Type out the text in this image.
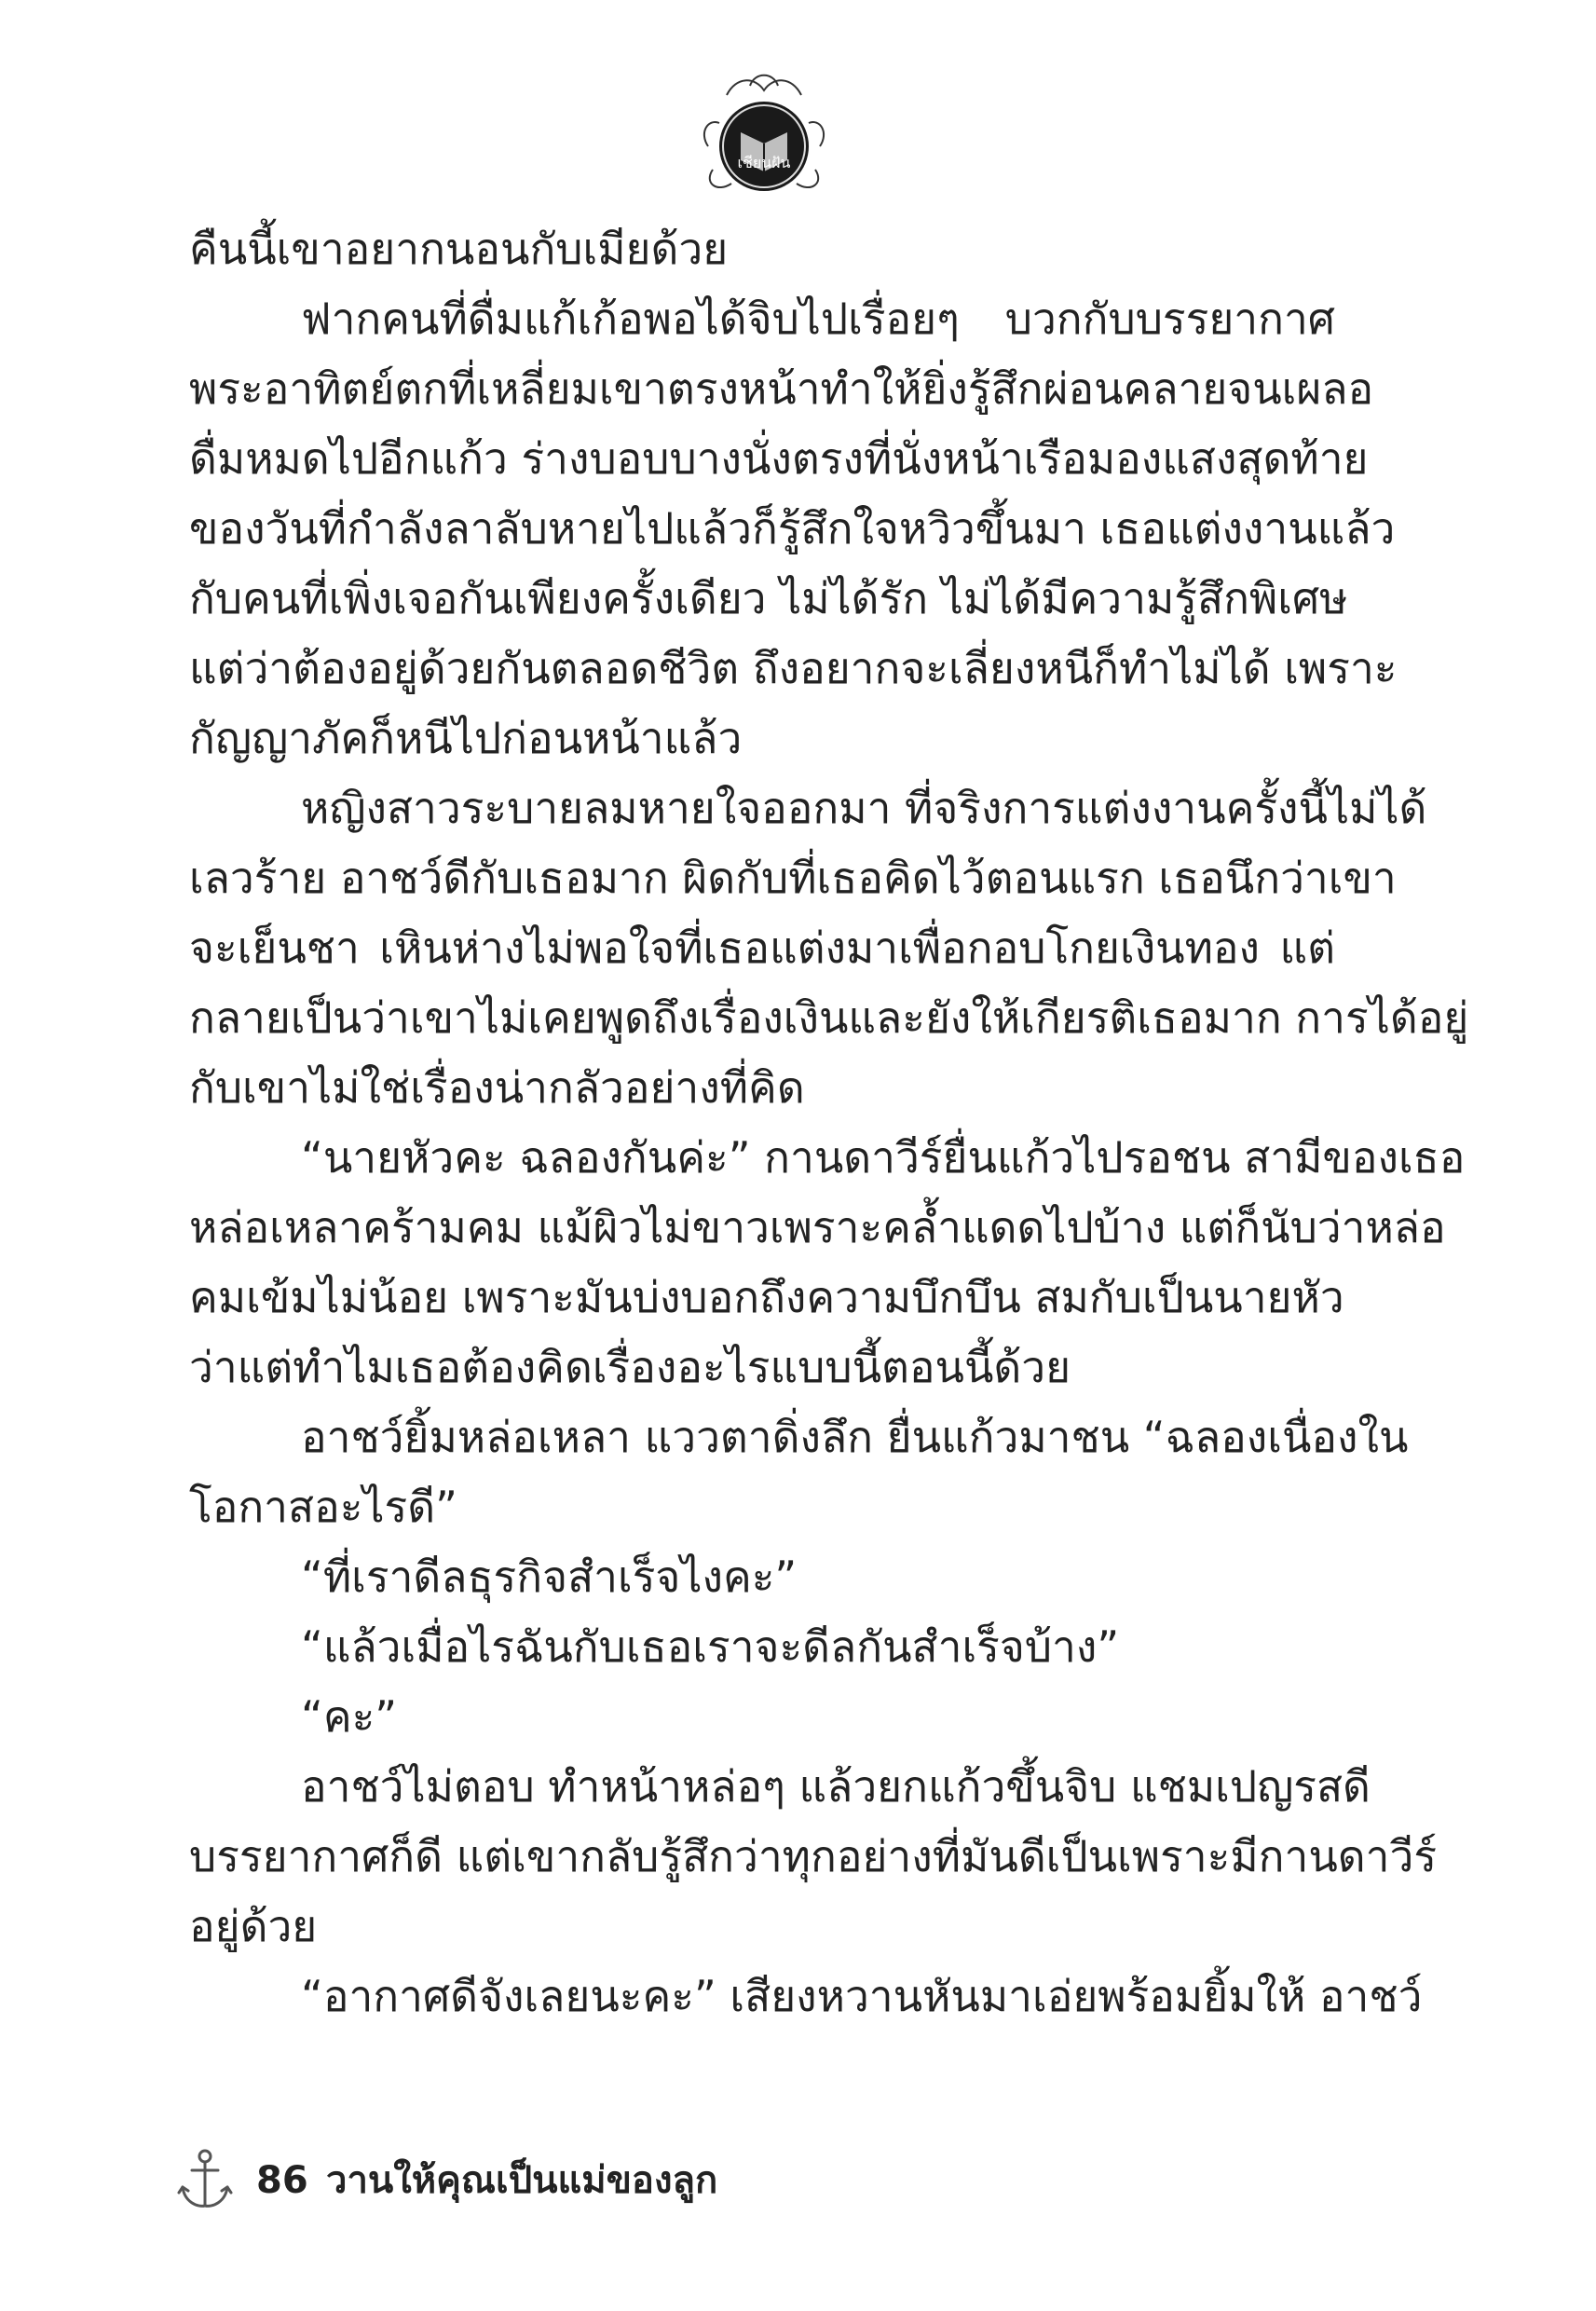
เชียนฝัน
คืนนี้เขาอยากนอนกับเมียด้วย
ฟากคนที่ดื่มแก้เก้อพอได้จิบไปเรื่อยๆ บวกกับบรรยากาศ
พระอาทิตย์ตกที่เหลี่ยมเขาตรงหน้าทำให้ยิ่งรู้สึกผ่อนคลายจนเผลอ
ดื่มหมดไปอีกแก้ว ร่างบอบบางนั่งตรงที่นั่งหน้าเรือมองแสงสุดท้าย
ของวันที่กำลังลาลับหายไปแล้วก็รู้สึกใจหวิวขึ้นมา เธอแต่งงานแล้ว
กับคนที่เพิ่งเจอกันเพียงครั้งเดียว ไม่ได้รัก ไม่ได้มีความรู้สึกพิเศษ
แต่ว่าต้องอยู่ด้วยกันตลอดชีวิต ถึงอยากจะเลี่ยงหนีก็ทำไม่ได้ เพราะ
กัญญาภัคก็หนีไปก่อนหน้าแล้ว
หญิงสาวระบายลมหายใจออกมา ที่จริงการแต่งงานครั้งนี้ไม่ได้
เลวร้าย อาชว์ดีกับเธอมาก ผิดกับที่เธอคิดไว้ตอนแรก เธอนึกว่าเขา
จะเย็นชา เหินห่างไม่พอใจที่เธอแต่งมาเพื่อกอบโกยเงินทอง แต่
กลายเป็นว่าเขาไม่เคยพูดถึงเรื่องเงินและยังให้เกียรติเธอมาก การได้อยู่
กับเขาไม่ใช่เรื่องน่ากลัวอย่างที่คิด
“นายหัวคะ ฉลองกันค่ะ” กานดาวีร์ยื่นแก้วไปรอชน สามีของเธอ
หล่อเหลาคร้ามคม แม้ผิวไม่ขาวเพราะคล้ำแดดไปบ้าง แต่ก็นับว่าหล่อ
คมเข้มไม่น้อย เพราะมันบ่งบอกถึงความบึกบึน สมกับเป็นนายหัว
ว่าแต่ทำไมเธอต้องคิดเรื่องอะไรแบบนี้ตอนนี้ด้วย
อาชว์ยิ้มหล่อเหลา แววตาดิ่งลึก ยื่นแก้วมาชน “ฉลองเนื่องใน
โอกาสอะไรดี”
“ที่เราดีลธุรกิจสำเร็จไงคะ”
“แล้วเมื่อไรฉันกับเธอเราจะดีลกันสำเร็จบ้าง”
“คะ”
อาชว์ไม่ตอบ ทำหน้าหล่อๆ แล้วยกแก้วขึ้นจิบ แชมเปญรสดี
บรรยากาศก็ดี แต่เขากลับรู้สึกว่าทุกอย่างที่มันดีเป็นเพราะมีกานดาวีร์
อยู่ด้วย
“อากาศดีจังเลยนะคะ” เสียงหวานหันมาเอ่ยพร้อมยิ้มให้ อาชว์
86 วานให้คุณเป็นแม่ของลูก
